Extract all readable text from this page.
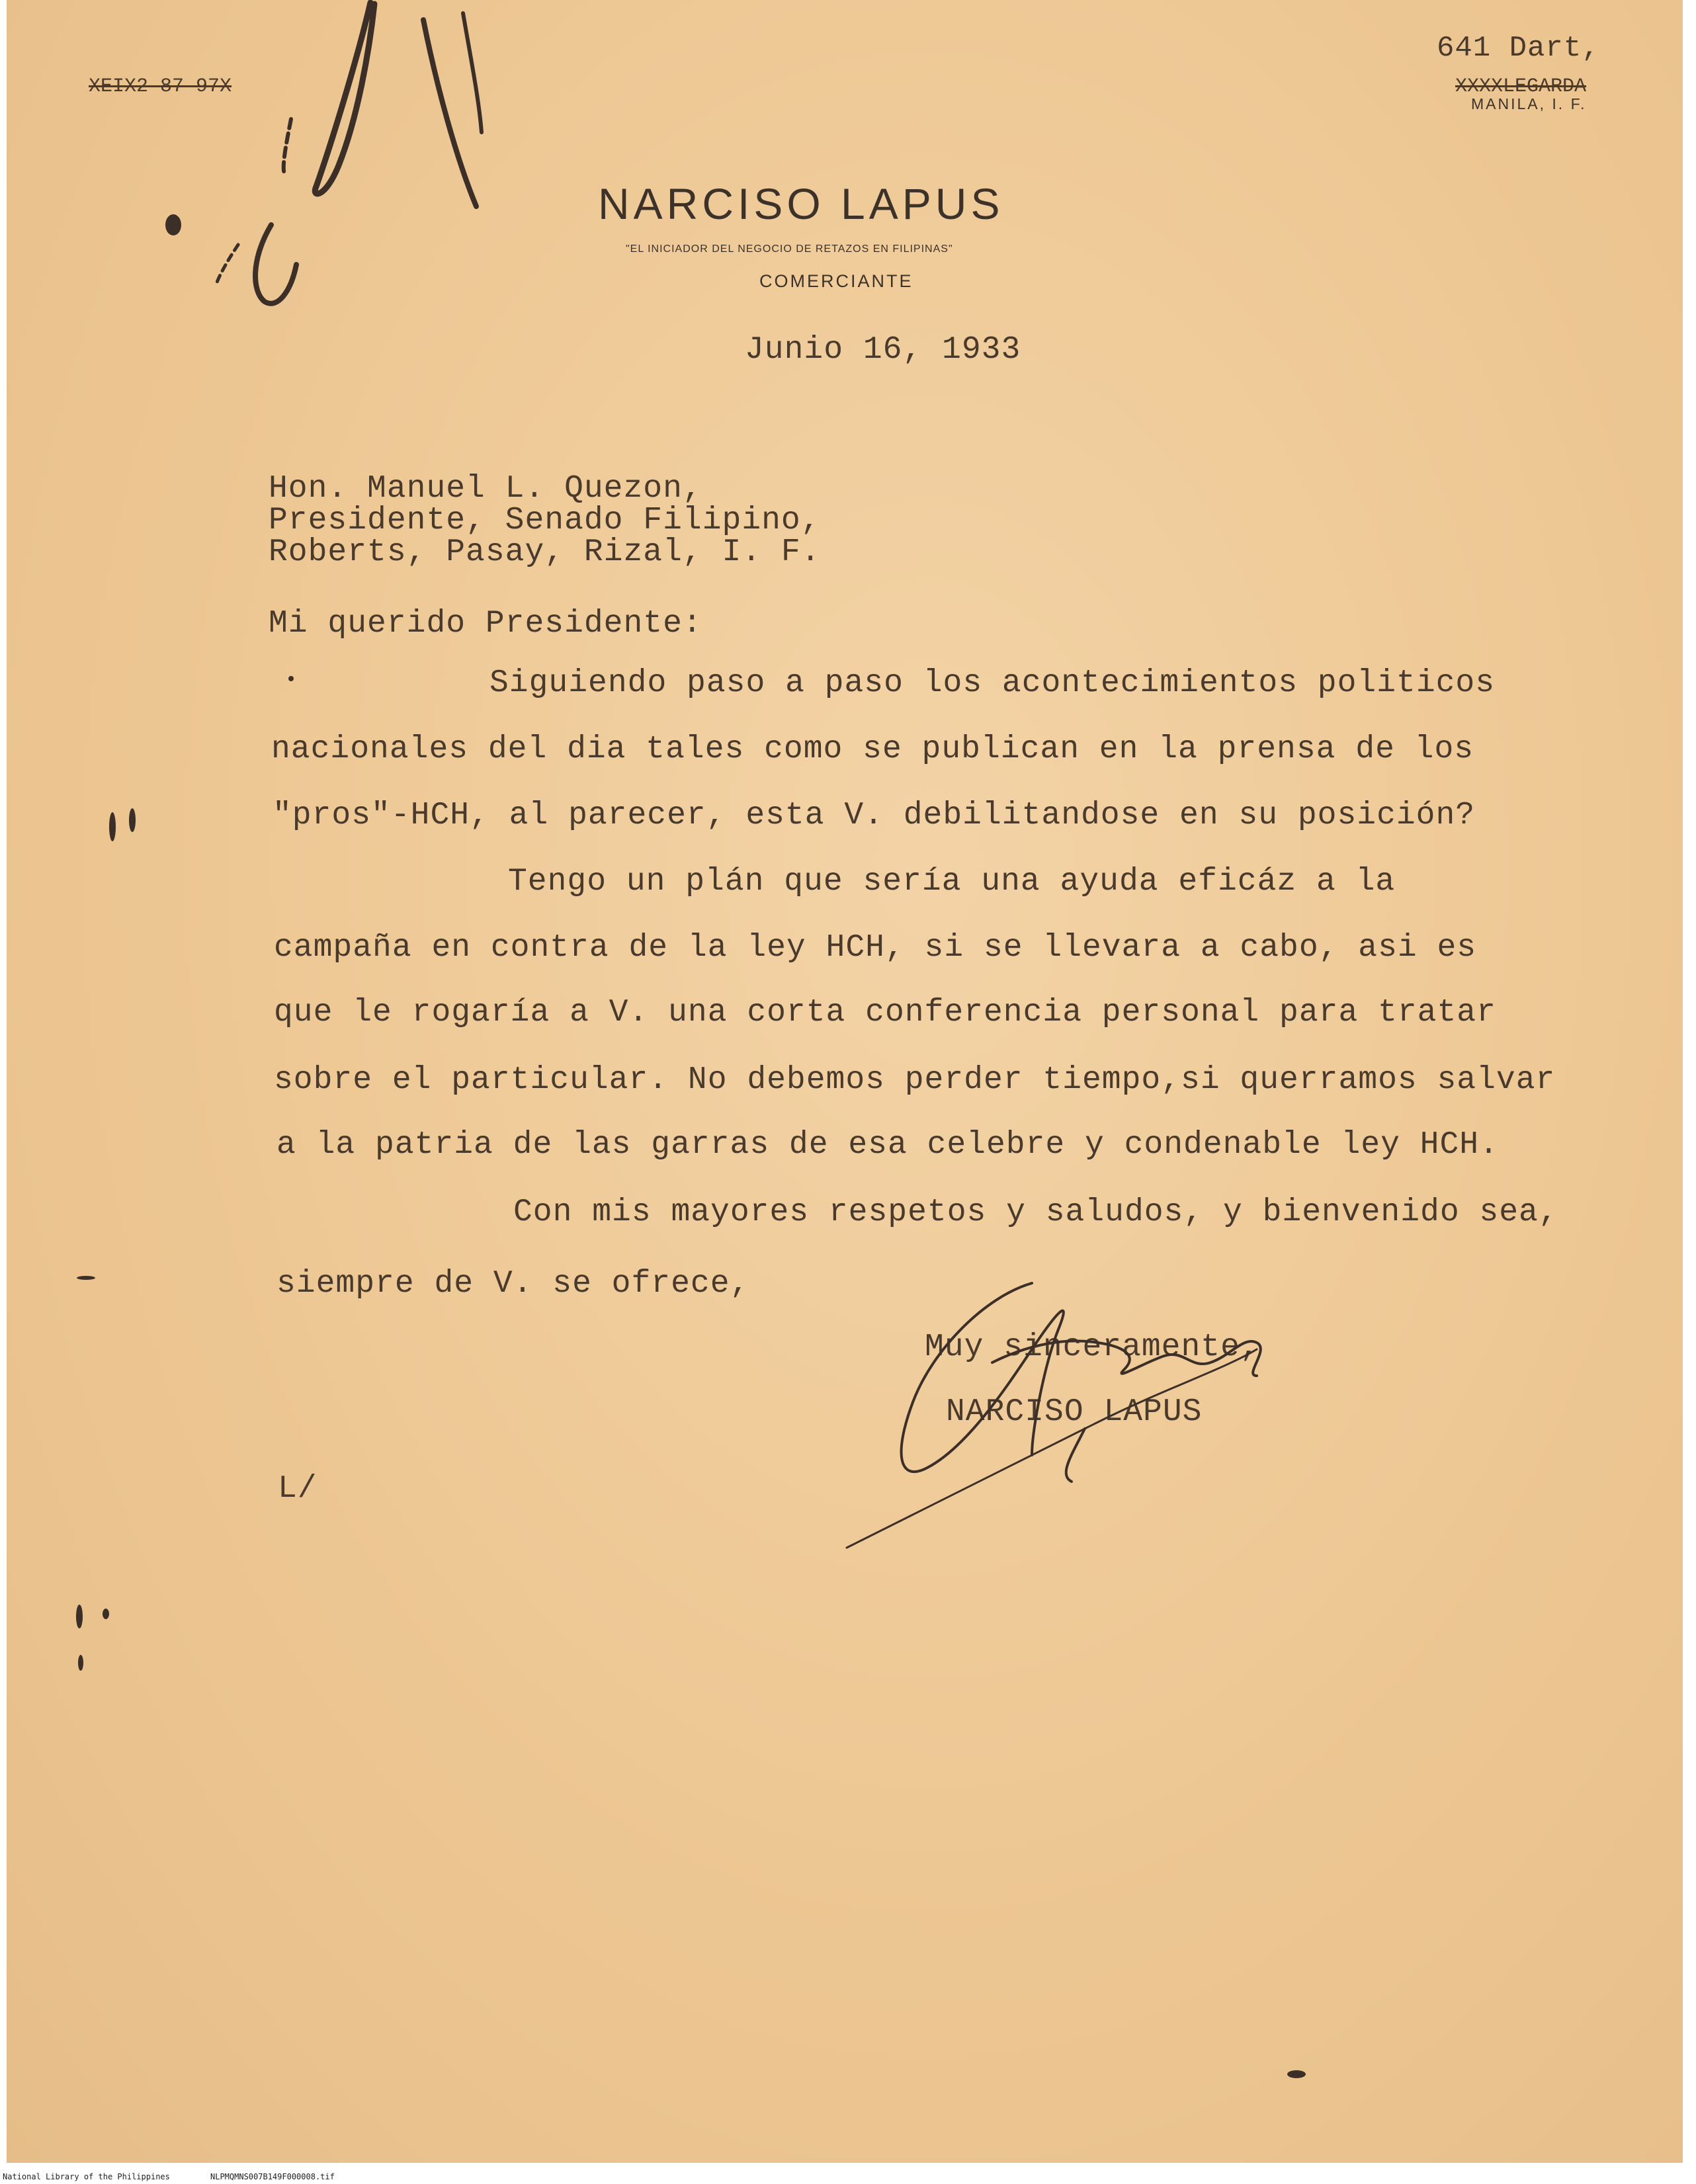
XEIX2-87-97X
641 Dart,
XXXXLEGARDA
MANILA, I. F.
NARCISO LAPUS
"EL INICIADOR DEL NEGOCIO DE RETAZOS EN FILIPINAS"
COMERCIANTE
Junio 16, 1933
Hon. Manuel L. Quezon,
Presidente, Senado Filipino,
Roberts, Pasay, Rizal, I. F.
Mi querido Presidente:
Siguiendo paso a paso los acontecimientos politicos
nacionales del dia tales como se publican en la prensa de los
"pros"-HCH, al parecer, esta V. debilitandose en su posición?
Tengo un plán que sería una ayuda eficáz a la
campaña en contra de la ley HCH, si se llevara a cabo, asi es
que le rogaría a V. una corta conferencia personal para tratar
sobre el particular. No debemos perder tiempo,si querramos salvar
a la patria de las garras de esa celebre y condenable ley HCH.
Con mis mayores respetos y saludos, y bienvenido sea,
siempre de V. se ofrece,
Muy sinceramente,
NARCISO LAPUS
L/
National Library of the Philippines	NLPMQMNS007B149F000008.tif
